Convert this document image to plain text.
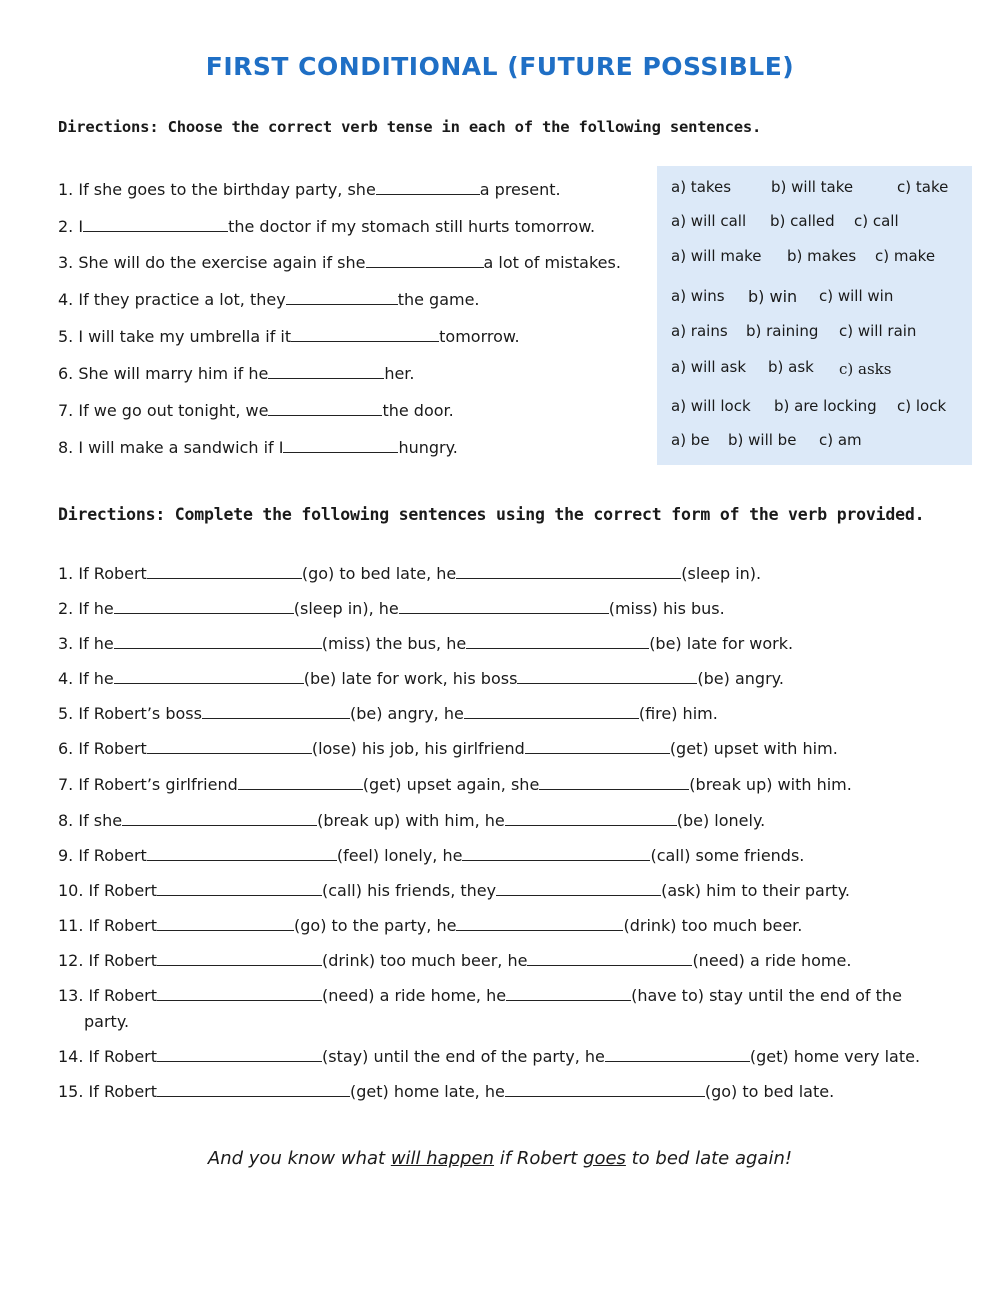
FIRST CONDITIONAL (FUTURE POSSIBLE)
Directions: Choose the correct verb tense in each of the following sentences.
1. If she goes to the birthday party, she	a present.
2. I	the doctor if my stomach still hurts tomorrow.
3. She will do the exercise again if she	a lot of mistakes.
4. If they practice a lot, they	the game.
5. I will take my umbrella if it	tomorrow.
6. She will marry him if he	her.
7. If we go out tonight, we	the door.
8. I will make a sandwich if I	hungry.
a) takes	b) will take	c) take
a) will call b) called c) call
a) will make b) makes c) make
a) wins b) win c) will win
a) rains b) raining c) will rain
a) will ask b) ask c) asks
a) will lock b) are locking c) lock
a) be b) will be c) am
Directions: Complete the following sentences using the correct form of the verb provided.
1. If Robert	(go) to bed late, he	(sleep in).
2. If he	(sleep in), he	(miss) his bus.
3. If he	(miss) the bus, he	(be) late for work.
4. If he	(be) late for work, his boss	(be) angry.
5. If Robert’s boss	(be) angry, he	(fire) him.
6. If Robert	(lose) his job, his girlfriend	(get) upset with him.
7. If Robert’s girlfriend	(get) upset again, she	(break up) with him.
8. If she	(break up) with him, he	(be) lonely.
9. If Robert	(feel) lonely, he	(call) some friends.
10. If Robert	(call) his friends, they	(ask) him to their party.
11. If Robert	(go) to the party, he	(drink) too much beer.
12. If Robert	(drink) too much beer, he	(need) a ride home.
13. If Robert	(need) a ride home, he	(have to) stay until the end of the
party.
14. If Robert	(stay) until the end of the party, he	(get) home very late.
15. If Robert	(get) home late, he	(go) to bed late.
And you know what will happen if Robert goes to bed late again!
